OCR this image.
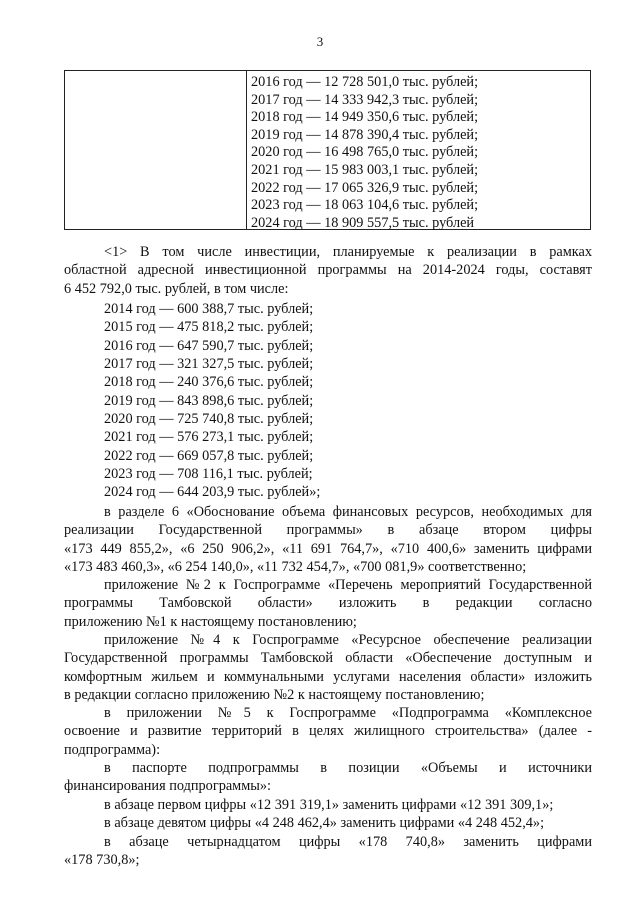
3
2016 год — 12 728 501,0 тыс. рублей;
2017 год — 14 333 942,3 тыс. рублей;
2018 год — 14 949 350,6 тыс. рублей;
2019 год — 14 878 390,4 тыс. рублей;
2020 год — 16 498 765,0 тыс. рублей;
2021 год — 15 983 003,1 тыс. рублей;
2022 год — 17 065 326,9 тыс. рублей;
2023 год — 18 063 104,6 тыс. рублей;
2024 год — 18 909 557,5 тыс. рублей
<1> В том числе инвестиции, планируемые к реализации в рамках
областной адресной инвестиционной программы на 2014-2024 годы, составят
6 452 792,0 тыс. рублей, в том числе:
2014 год — 600 388,7 тыс. рублей;
2015 год — 475 818,2 тыс. рублей;
2016 год — 647 590,7 тыс. рублей;
2017 год — 321 327,5 тыс. рублей;
2018 год — 240 376,6 тыс. рублей;
2019 год — 843 898,6 тыс. рублей;
2020 год — 725 740,8 тыс. рублей;
2021 год — 576 273,1 тыс. рублей;
2022 год — 669 057,8 тыс. рублей;
2023 год — 708 116,1 тыс. рублей;
2024 год — 644 203,9 тыс. рублей»;
в разделе 6 «Обоснование объема финансовых ресурсов, необходимых для
реализации Государственной программы» в абзаце втором цифры
«173 449 855,2», «6 250 906,2», «11 691 764,7», «710 400,6» заменить цифрами
«173 483 460,3», «6 254 140,0», «11 732 454,7», «700 081,9» соответственно;
приложение №2 к Госпрограмме «Перечень мероприятий Государственной
программы Тамбовской области» изложить в редакции согласно
приложению №1 к настоящему постановлению;
приложение №4 к Госпрограмме «Ресурсное обеспечение реализации
Государственной программы Тамбовской области «Обеспечение доступным и
комфортным жильем и коммунальными услугами населения области» изложить
в редакции согласно приложению №2 к настоящему постановлению;
в приложении №5 к Госпрограмме «Подпрограмма «Комплексное
освоение и развитие территорий в целях жилищного строительства» (далее -
подпрограмма):
в паспорте подпрограммы в позиции «Объемы и источники
финансирования подпрограммы»:
в абзаце первом цифры «12 391 319,1» заменить цифрами «12 391 309,1»;
в абзаце девятом цифры «4 248 462,4» заменить цифрами «4 248 452,4»;
в абзаце четырнадцатом цифры «178 740,8» заменить цифрами
«178 730,8»;
